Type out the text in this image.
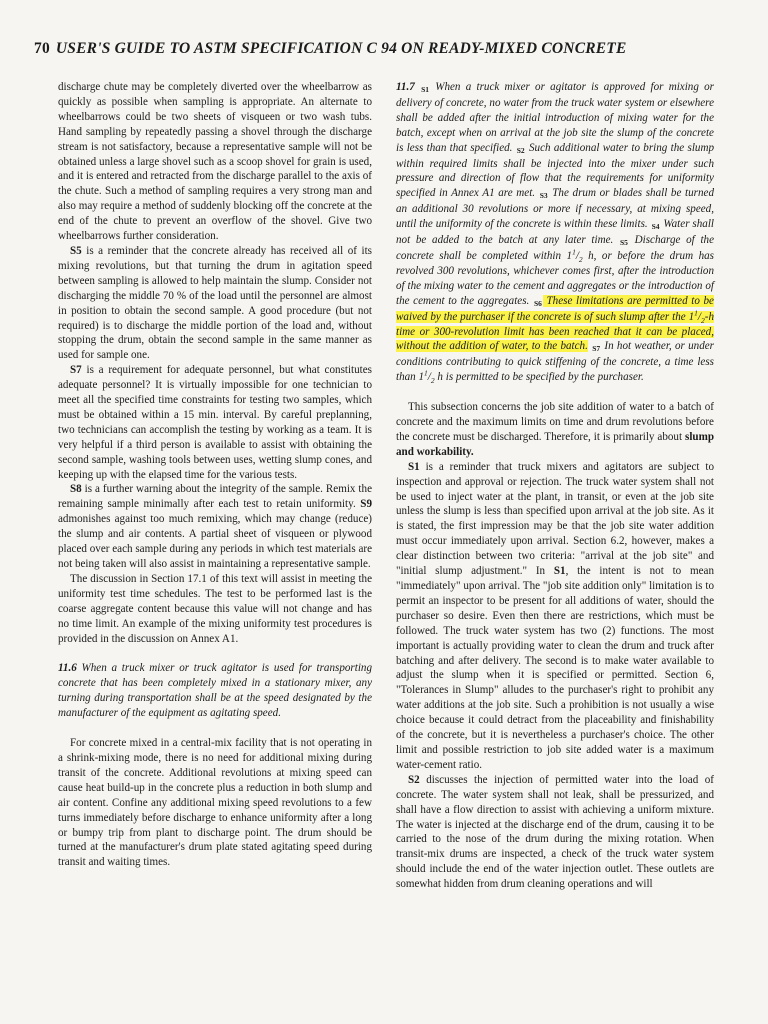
70 USER'S GUIDE TO ASTM SPECIFICATION C 94 ON READY-MIXED CONCRETE

discharge chute may be completely diverted over the wheelbarrow as quickly as possible when sampling is appropriate. An alternate to wheelbarrows could be two sheets of visqueen or two wash tubs. Hand sampling by repeatedly passing a shovel through the discharge stream is not satisfactory, because a representative sample will not be obtained unless a large shovel such as a scoop shovel for grain is used, and it is entered and retracted from the discharge parallel to the axis of the chute. Such a method of sampling requires a very strong man and also may require a method of suddenly blocking off the concrete at the end of the chute to prevent an overflow of the shovel. Give two wheelbarrows further consideration.

S5 is a reminder that the concrete already has received all of its mixing revolutions, but that turning the drum in agitation speed between sampling is allowed to help maintain the slump. Consider not discharging the middle 70 % of the load until the personnel are almost in position to obtain the second sample. A good procedure (but not required) is to discharge the middle portion of the load and, without stopping the drum, obtain the second sample in the same manner as used for sample one.

S7 is a requirement for adequate personnel, but what constitutes adequate personnel? It is virtually impossible for one technician to meet all the specified time constraints for testing two samples, which must be obtained within a 15 min. interval. By careful preplanning, two technicians can accomplish the testing by working as a team. It is very helpful if a third person is available to assist with obtaining the second sample, washing tools between uses, wetting slump cones, and keeping up with the elapsed time for the various tests.

S8 is a further warning about the integrity of the sample. Remix the remaining sample minimally after each test to retain uniformity. S9 admonishes against too much remixing, which may change (reduce) the slump and air contents. A partial sheet of visqueen or plywood placed over each sample during any periods in which test materials are not being taken will also assist in maintaining a representative sample.

The discussion in Section 17.1 of this text will assist in meeting the uniformity test time schedules. The test to be performed last is the coarse aggregate content because this value will not change and has no time limit. An example of the mixing uniformity test procedures is provided in the discussion on Annex A1.

11.6 When a truck mixer or truck agitator is used for transporting concrete that has been completely mixed in a stationary mixer, any turning during transportation shall be at the speed designated by the manufacturer of the equipment as agitating speed.

For concrete mixed in a central-mix facility that is not operating in a shrink-mixing mode, there is no need for additional mixing during transit of the concrete. Additional revolutions at mixing speed can cause heat build-up in the concrete plus a reduction in both slump and air content. Confine any additional mixing speed revolutions to a few turns immediately before discharge to enhance uniformity after a long or bumpy trip from plant to discharge point. The drum should be turned at the manufacturer's drum plate stated agitating speed during transit and waiting times.

11.7 S1 When a truck mixer or agitator is approved for mixing or delivery of concrete, no water from the truck water system or elsewhere shall be added after the initial introduction of mixing water for the batch, except when on arrival at the job site the slump of the concrete is less than that specified. S2 Such additional water to bring the slump within required limits shall be injected into the mixer under such pressure and direction of flow that the requirements for uniformity specified in Annex A1 are met. S3 The drum or blades shall be turned an additional 30 revolutions or more if necessary, at mixing speed, until the uniformity of the concrete is within these limits. S4 Water shall not be added to the batch at any later time. S5 Discharge of the concrete shall be completed within $1^1/_2$ h, or before the drum has revolved 300 revolutions, whichever comes first, after the introduction of the mixing water to the cement and aggregates or the introduction of the cement to the aggregates. S6 These limitations are permitted to be waived by the purchaser if the concrete is of such slump after the $1^1/_2-h$ time or 300-revolution limit has been reached that it can be placed, without the addition of water, to the batch. S7 In hot weather, or under conditions contributing to quick stiffening of the concrete, a time less than $1^1/_2$ h is permitted to be specified by the purchaser.

This subsection concerns the job site addition of water to a batch of concrete and the maximum limits on time and drum revolutions before the concrete must be discharged. Therefore, it is primarily about slump and workability.

S1 is a reminder that truck mixers and agitators are subject to inspection and approval or rejection. The truck water system shall not be used to inject water at the plant, in transit, or even at the job site unless the slump is less than specified upon arrival at the job site. As it is stated, the first impression may be that the job site water addition must occur immediately upon arrival. Section 6.2, however, makes a clear distinction between two criteria: "arrival at the job site" and "initial slump adjustment." In S1, the intent is not to mean "immediately" upon arrival. The "job site addition only" limitation is to permit an inspector to be present for all additions of water, should the purchaser so desire. Even then there are restrictions, which must be followed. The truck water system has two (2) functions. The most important is actually providing water to clean the drum and truck after batching and after delivery. The second is to make water available to adjust the slump when it is specified or permitted. Section 6, "Tolerances in Slump" alludes to the purchaser's right to prohibit any water additions at the job site. Such a prohibition is not usually a wise choice because it could detract from the placeability and finishability of the concrete, but it is nevertheless a purchaser's choice. The other limit and possible restriction to job site added water is a maximum water-cement ratio.

S2 discusses the injection of permitted water into the load of concrete. The water system shall not leak, shall be pressurized, and shall have a flow direction to assist with achieving a uniform mixture. The water is injected at the discharge end of the drum, causing it to be carried to the nose of the drum during the mixing rotation. When transit-mix drums are inspected, a check of the truck water system should include the end of the water injection outlet. These outlets are somewhat hidden from drum cleaning operations and will
